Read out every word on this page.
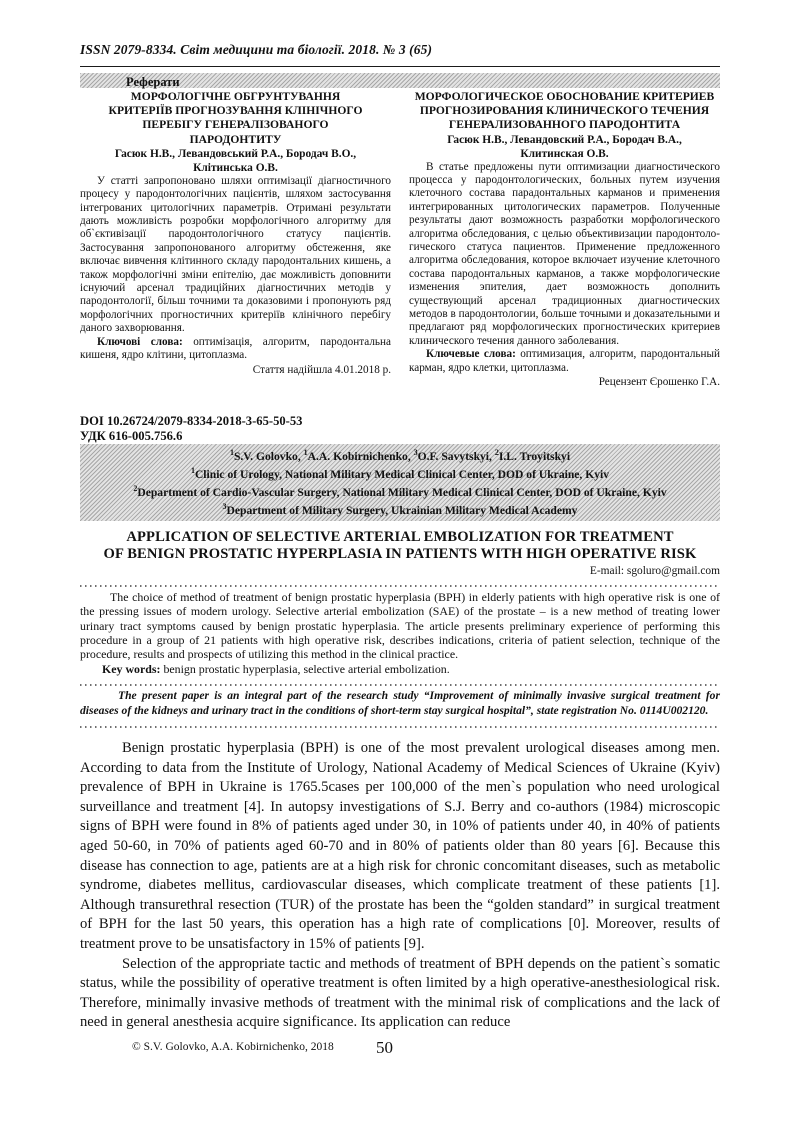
ISSN 2079-8334. Світ медицини та біології. 2018. № 3 (65)
Реферати
МОРФОЛОГІЧНЕ ОБГРУНТУВАННЯ
КРИТЕРІЇВ ПРОГНОЗУВАННЯ КЛІНІЧНОГО
ПЕРЕБІГУ ГЕНЕРАЛІЗОВАНОГО
ПАРОДОНТИТУ
Гасюк Н.В., Левандовський Р.А., Бородач В.О.,
Клітинська О.В.

У статті запропоновано шляхи оптимізації діагностичного процесу у пародонтологічних пацієнтів, шляхом застосування інтегрованих цитологічних параметрів. Отримані результати дають можливість розробки морфологічного алгоритму для об`єктивізації пародонтологічного статусу пацієнтів. Застосування запропонованого алгоритму обстеження, яке включає вивчення клітинного складу пародонтальних кишень, а також морфологічні зміни епітелію, дає можливість доповнити існуючий арсенал традиційних діагностичних методів у пародонтології, більш точними та доказовими і пропонують ряд морфологічних прогностичних критеріїв клінічного перебігу даного захворювання.

Ключові слова: оптимізація, алгоритм, пародонтальна кишеня, ядро клітини, цитоплазма.

Стаття надійшла 4.01.2018 р.

МОРФОЛОГИЧЕСКОЕ ОБОСНОВАНИЕ КРИТЕРИЕВ
ПРОГНОЗИРОВАНИЯ КЛИНИЧЕСКОГО ТЕЧЕНИЯ
ГЕНЕРАЛИЗОВАННОГО ПАРОДОНТИТА
Гасюк Н.В., Левандовский Р.А., Бородач В.А.,
Клитинская О.В.

В статье предложены пути оптимизации диагностического процесса у пародонтологических, больных путем изучения клеточного состава парадонтальных карманов и применения интегрированных цитологических параметров. Полученные результаты дают возможность разработки морфологического алгоритма обследования, с целью объективизации пародонтоло-гического статуса пациентов. Применение предложенного алгоритма обследования, которое включает изучение клеточного состава пародонтальных карманов, а также морфологические изменения эпителия, дает возможность дополнить существующий арсенал традиционных диагностических методов в пародонтологии, больше точными и доказательными и предлагают ряд морфологических прогностических критериев клинического течения данного заболевания.

Ключевые слова: оптимизация, алгоритм, пародонтальный карман, ядро клетки, цитоплазма.

Рецензент Єрошенко Г.А.

DOI 10.26724/2079-8334-2018-3-65-50-53
УДК 616-005.756.6
$^1$S.V. Golovko, $^1$A.A. Kobirnichenko, $^3$O.F. Savytskyi, $^2$I.L. Troyitskyi
$^1$Clinic of Urology, National Military Medical Clinical Center, DOD of Ukraine, Kyiv
$^2$Department of Cardio-Vascular Surgery, National Military Medical Clinical Center, DOD of Ukraine, Kyiv
$^3$Department of Military Surgery, Ukrainian Military Medical Academy
APPLICATION OF SELECTIVE ARTERIAL EMBOLIZATION FOR TREATMENT
OF BENIGN PROSTATIC HYPERPLASIA IN PATIENTS WITH HIGH OPERATIVE RISK
E-mail: sgoluro@gmail.com

The choice of method of treatment of benign prostatic hyperplasia (BPH) in elderly patients with high operative risk is one of the pressing issues of modern urology. Selective arterial embolization (SAE) of the prostate – is a new method of treating lower urinary tract symptoms caused by benign prostatic hyperplasia. The article presents preliminary experience of performing this procedure in a group of 21 patients with high operative risk, describes indications, criteria of patient selection, technique of the procedure, results and prospects of utilizing this method in the clinical practice.

Key words: benign prostatic hyperplasia, selective arterial embolization.

The present paper is an integral part of the research study “Improvement of minimally invasive surgical treatment for diseases of the kidneys and urinary tract in the conditions of short-term stay surgical hospital”, state registration No. 0114U002120.

Benign prostatic hyperplasia (BPH) is one of the most prevalent urological diseases among men. According to data from the Institute of Urology, National Academy of Medical Sciences of Ukraine (Kyiv) prevalence of BPH in Ukraine is 1765.5cases per 100,000 of the men`s population who need urological surveillance and treatment [4]. In autopsy investigations of S.J. Berry and co-authors (1984) microscopic signs of BPH were found in 8% of patients aged under 30, in 10% of patients under 40, in 40% of patients aged 50-60, in 70% of patients aged 60-70 and in 80% of patients older than 80 years [6]. Because this disease has connection to age, patients are at a high risk for chronic concomitant diseases, such as metabolic syndrome, diabetes mellitus, cardiovascular diseases, which complicate treatment of these patients [1]. Although transurethral resection (TUR) of the prostate has been the “golden standard” in surgical treatment of BPH for the last 50 years, this operation has a high rate of complications [0]. Moreover, results of treatment prove to be unsatisfactory in 15% of patients [9].

Selection of the appropriate tactic and methods of treatment of BPH depends on the patient`s somatic status, while the possibility of operative treatment is often limited by a high operative-anesthesiological risk. Therefore, minimally invasive methods of treatment with the minimal risk of complications and the lack of need in general anesthesia acquire significance. Its application can reduce

© S.V. Golovko, A.A. Kobirnichenko, 2018 50
